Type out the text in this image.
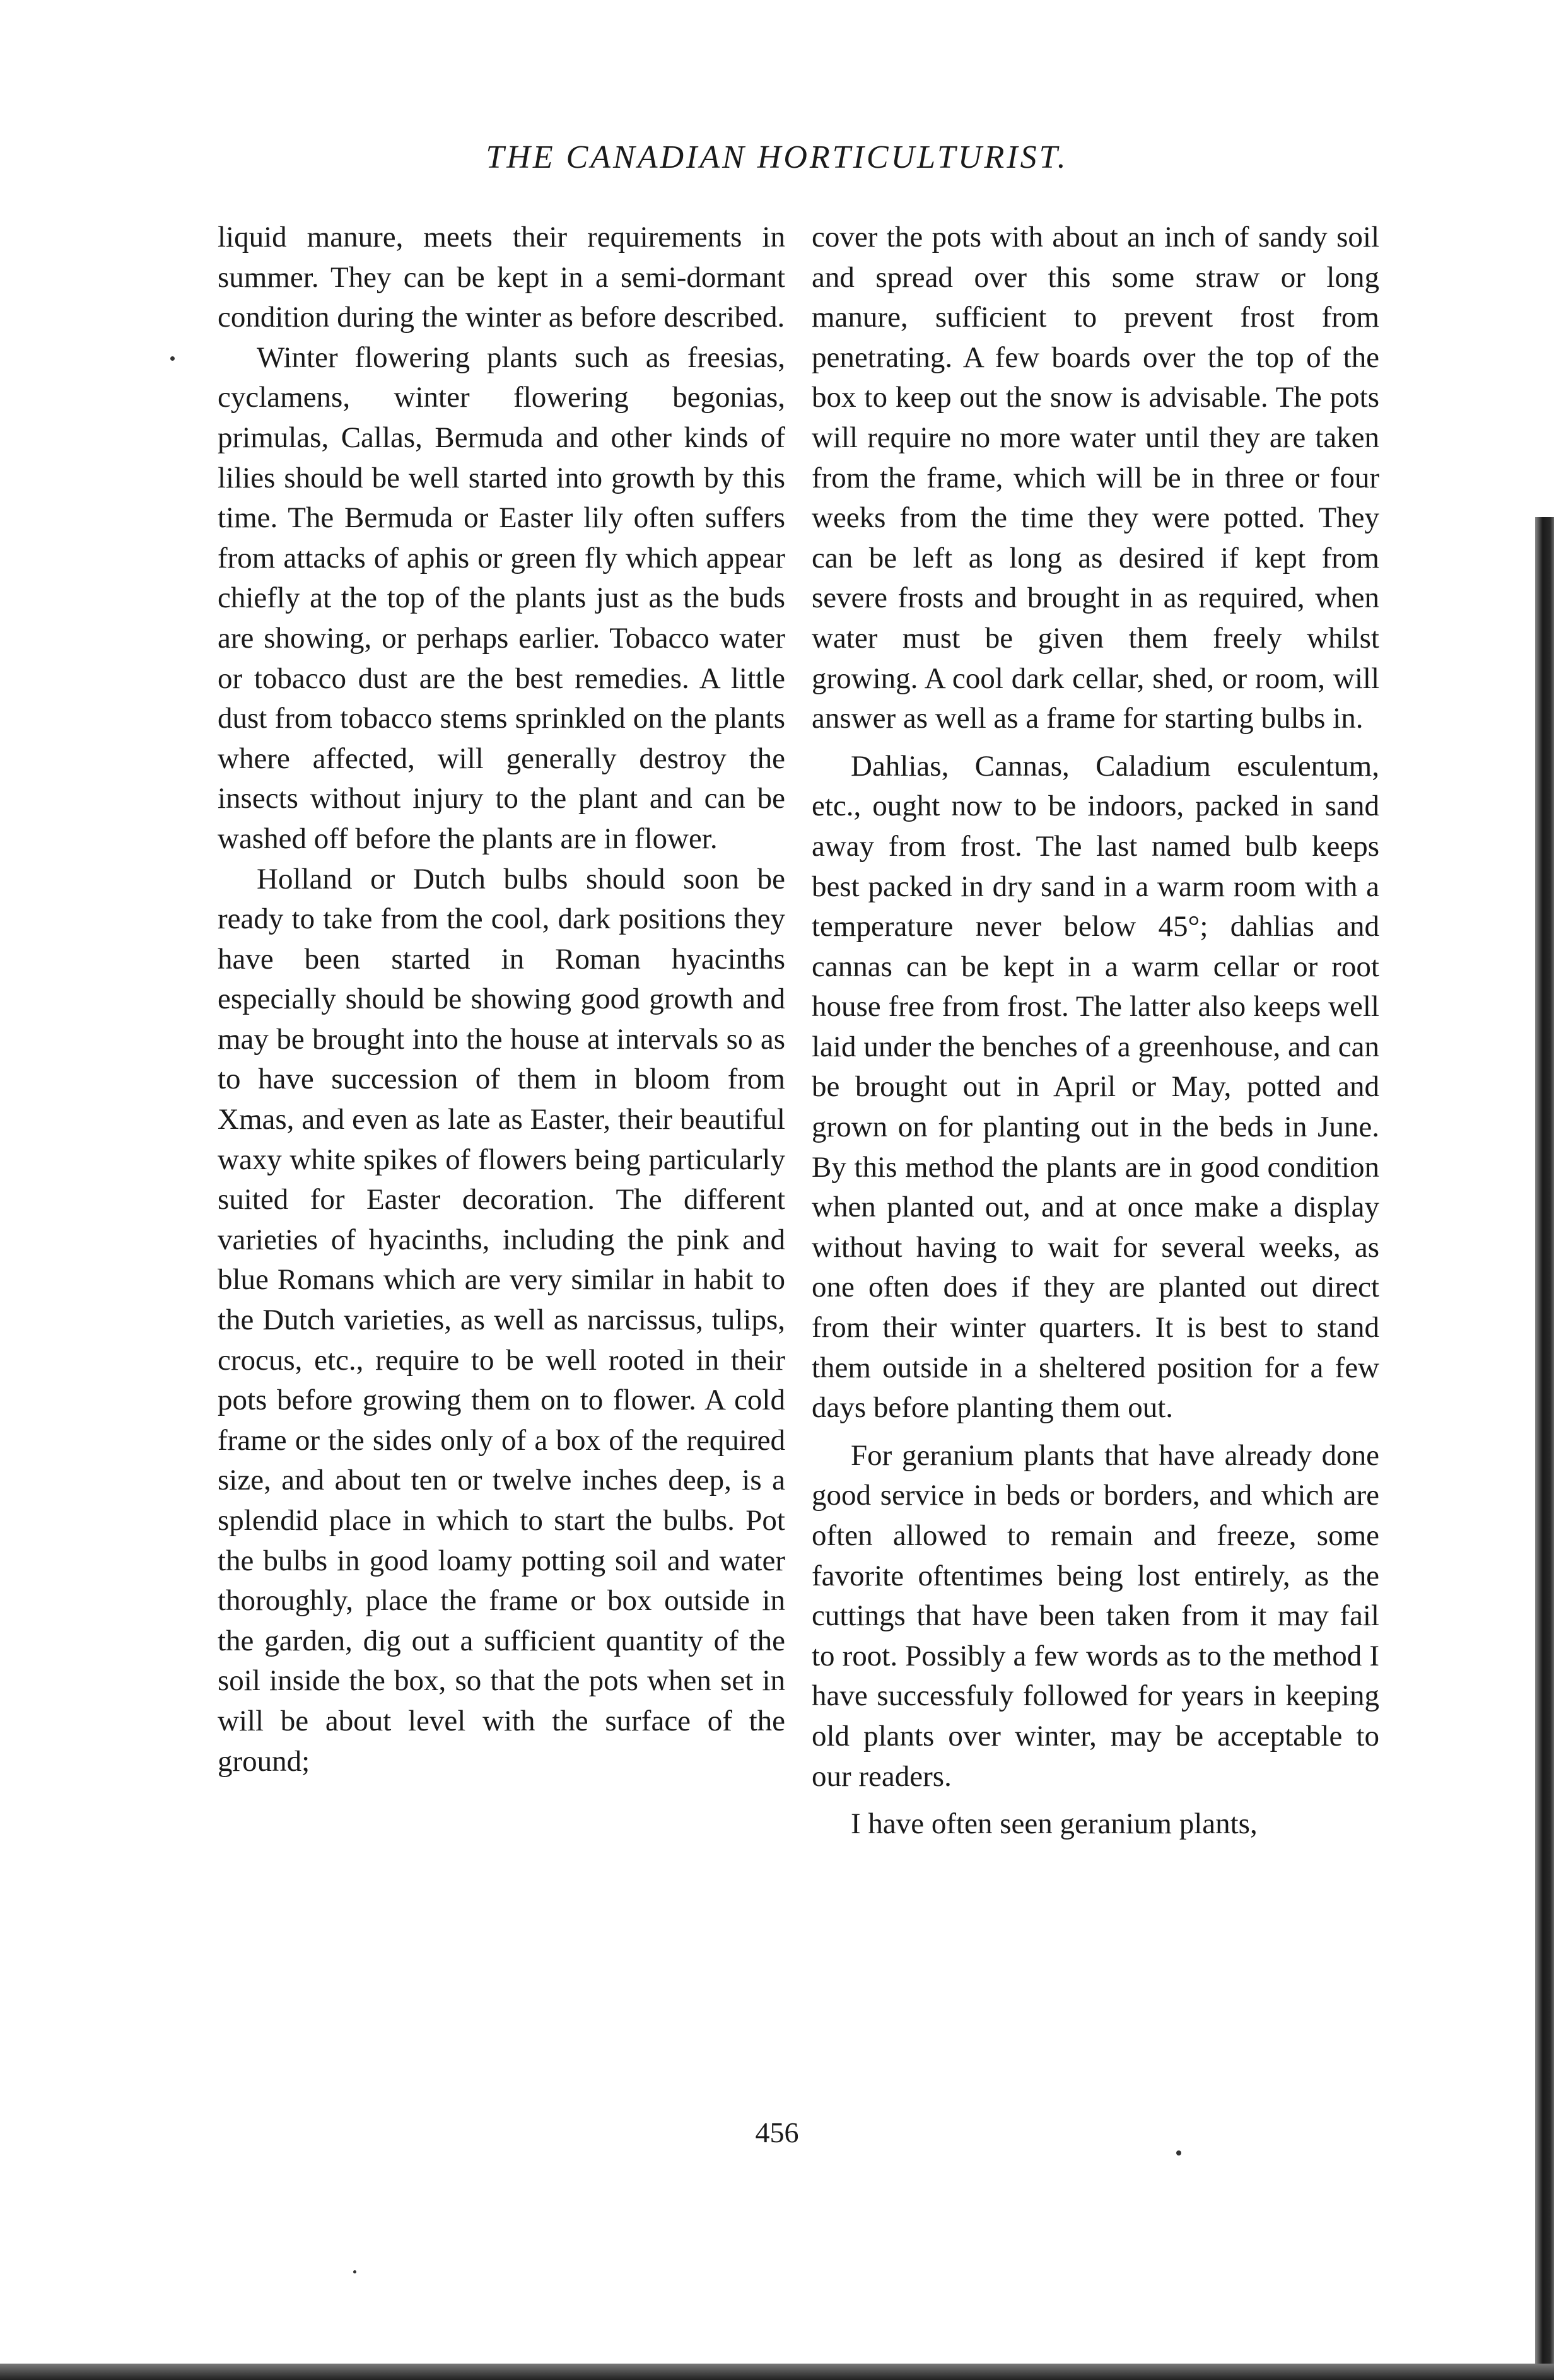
THE CANADIAN HORTICULTURIST.

liquid manure, meets their requirements in summer. They can be kept in a semi-dormant condition during the winter as before described.

Winter flowering plants such as freesias, cyclamens, winter flowering begonias, primulas, Callas, Bermuda and other kinds of lilies should be well started into growth by this time. The Bermuda or Easter lily often suffers from attacks of aphis or green fly which appear chiefly at the top of the plants just as the buds are showing, or perhaps earlier. Tobacco water or tobacco dust are the best remedies. A little dust from tobacco stems sprinkled on the plants where affected, will generally destroy the insects without injury to the plant and can be washed off before the plants are in flower.

Holland or Dutch bulbs should soon be ready to take from the cool, dark positions they have been started in Roman hyacinths especially should be showing good growth and may be brought into the house at intervals so as to have succession of them in bloom from Xmas, and even as late as Easter, their beautiful waxy white spikes of flowers being particularly suited for Easter decoration. The different varieties of hyacinths, including the pink and blue Romans which are very similar in habit to the Dutch varieties, as well as narcissus, tulips, crocus, etc., require to be well rooted in their pots before growing them on to flower. A cold frame or the sides only of a box of the required size, and about ten or twelve inches deep, is a splendid place in which to start the bulbs. Pot the bulbs in good loamy potting soil and water thoroughly, place the frame or box outside in the garden, dig out a sufficient quantity of the soil inside the box, so that the pots when set in will be about level with the surface of the ground;

cover the pots with about an inch of sandy soil and spread over this some straw or long manure, sufficient to prevent frost from penetrating. A few boards over the top of the box to keep out the snow is advisable. The pots will require no more water until they are taken from the frame, which will be in three or four weeks from the time they were potted. They can be left as long as desired if kept from severe frosts and brought in as required, when water must be given them freely whilst growing. A cool dark cellar, shed, or room, will answer as well as a frame for starting bulbs in.

Dahlias, Cannas, Caladium esculentum, etc., ought now to be indoors, packed in sand away from frost. The last named bulb keeps best packed in dry sand in a warm room with a temperature never below 45°; dahlias and cannas can be kept in a warm cellar or root house free from frost. The latter also keeps well laid under the benches of a greenhouse, and can be brought out in April or May, potted and grown on for planting out in the beds in June. By this method the plants are in good condition when planted out, and at once make a display without having to wait for several weeks, as one often does if they are planted out direct from their winter quarters. It is best to stand them outside in a sheltered position for a few days before planting them out.

For geranium plants that have already done good service in beds or borders, and which are often allowed to remain and freeze, some favorite oftentimes being lost entirely, as the cuttings that have been taken from it may fail to root. Possibly a few words as to the method I have successfuly followed for years in keeping old plants over winter, may be acceptable to our readers.

I have often seen geranium plants,

456
